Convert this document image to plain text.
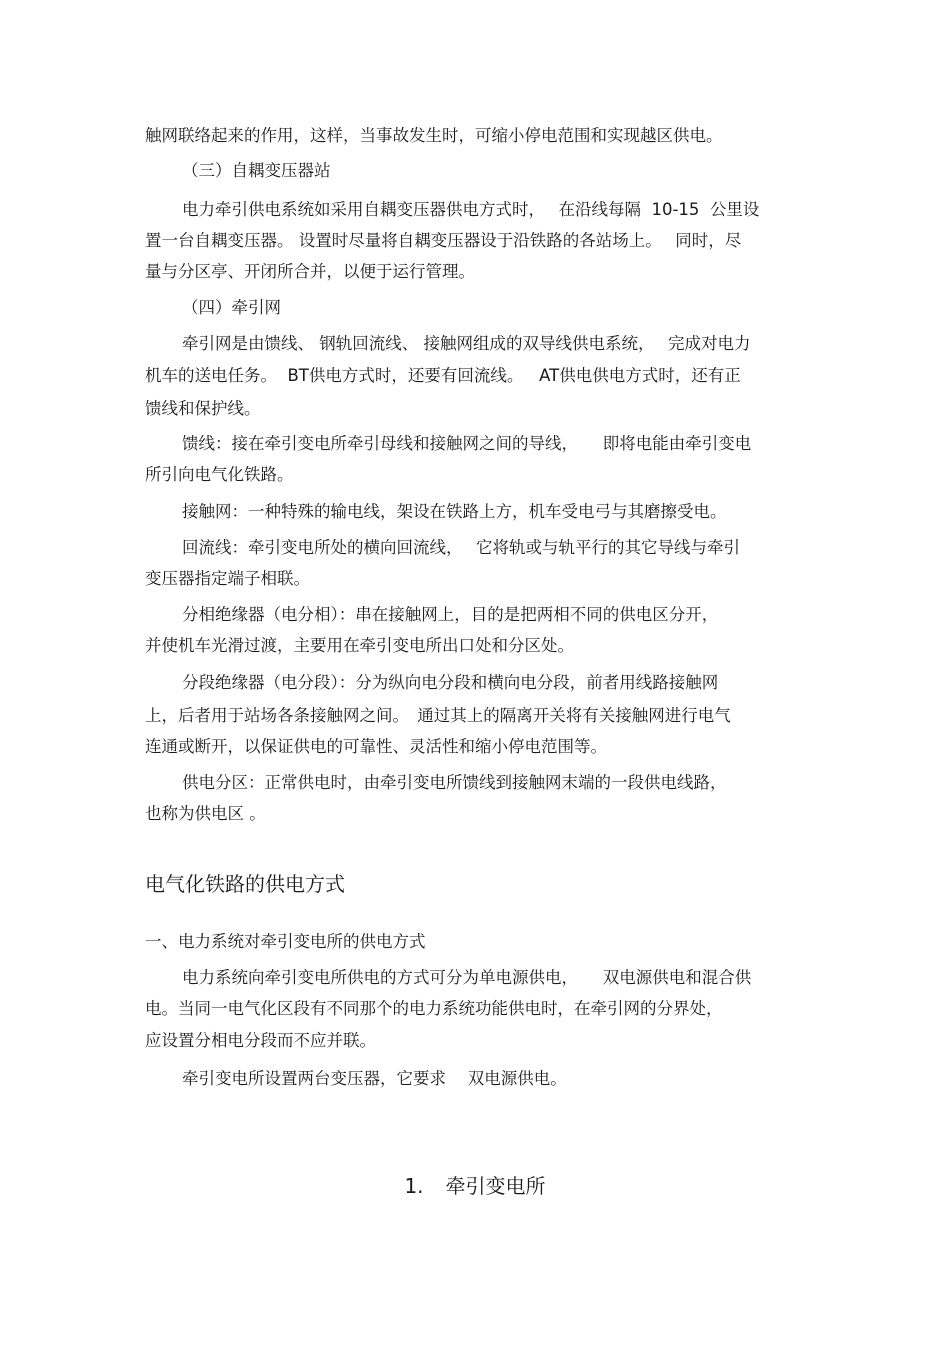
触网联络起来的作用，这样，当事故发生时，可缩小停电范围和实现越区供电。
（三）自耦变压器站
电力牵引供电系统如采用自耦变压器供电方式时，　 在沿线每隔  10-15  公里设
置一台自耦变压器。 设置时尽量将自耦变压器设于沿铁路的各站场上。　 同时，尽
量与分区亭、开闭所合并，以便于运行管理。
（四）牵引网
牵引网是由馈线、 钢轨回流线、 接触网组成的双导线供电系统，　 完成对电力
机车的送电任务。  BT供电方式时，还要有回流线。   AT供电供电方式时，还有正
馈线和保护线。
馈线：接在牵引变电所牵引母线和接触网之间的导线，　　即将电能由牵引变电
所引向电气化铁路。
接触网：一种特殊的输电线，架设在铁路上方，机车受电弓与其磨擦受电。
回流线：牵引变电所处的横向回流线，　 它将轨或与轨平行的其它导线与牵引
变压器指定端子相联。
分相绝缘器（电分相）：串在接触网上，目的是把两相不同的供电区分开，
并使机车光滑过渡，主要用在牵引变电所出口处和分区处。
分段绝缘器（电分段）：分为纵向电分段和横向电分段，前者用线路接触网
上，后者用于站场各条接触网之间。　通过其上的隔离开关将有关接触网进行电气
连通或断开，以保证供电的可靠性、灵活性和缩小停电范围等。
供电分区：正常供电时，由牵引变电所馈线到接触网末端的一段供电线路，
也称为供电区 。
电气化铁路的供电方式
一、电力系统对牵引变电所的供电方式
电力系统向牵引变电所供电的方式可分为单电源供电，　　双电源供电和混合供
电。当同一电气化区段有不同那个的电力系统功能供电时，在牵引网的分界处，
应设置分相电分段而不应并联。
牵引变电所设置两台变压器，它要求　 双电源供电。
1. 牵引变电所
